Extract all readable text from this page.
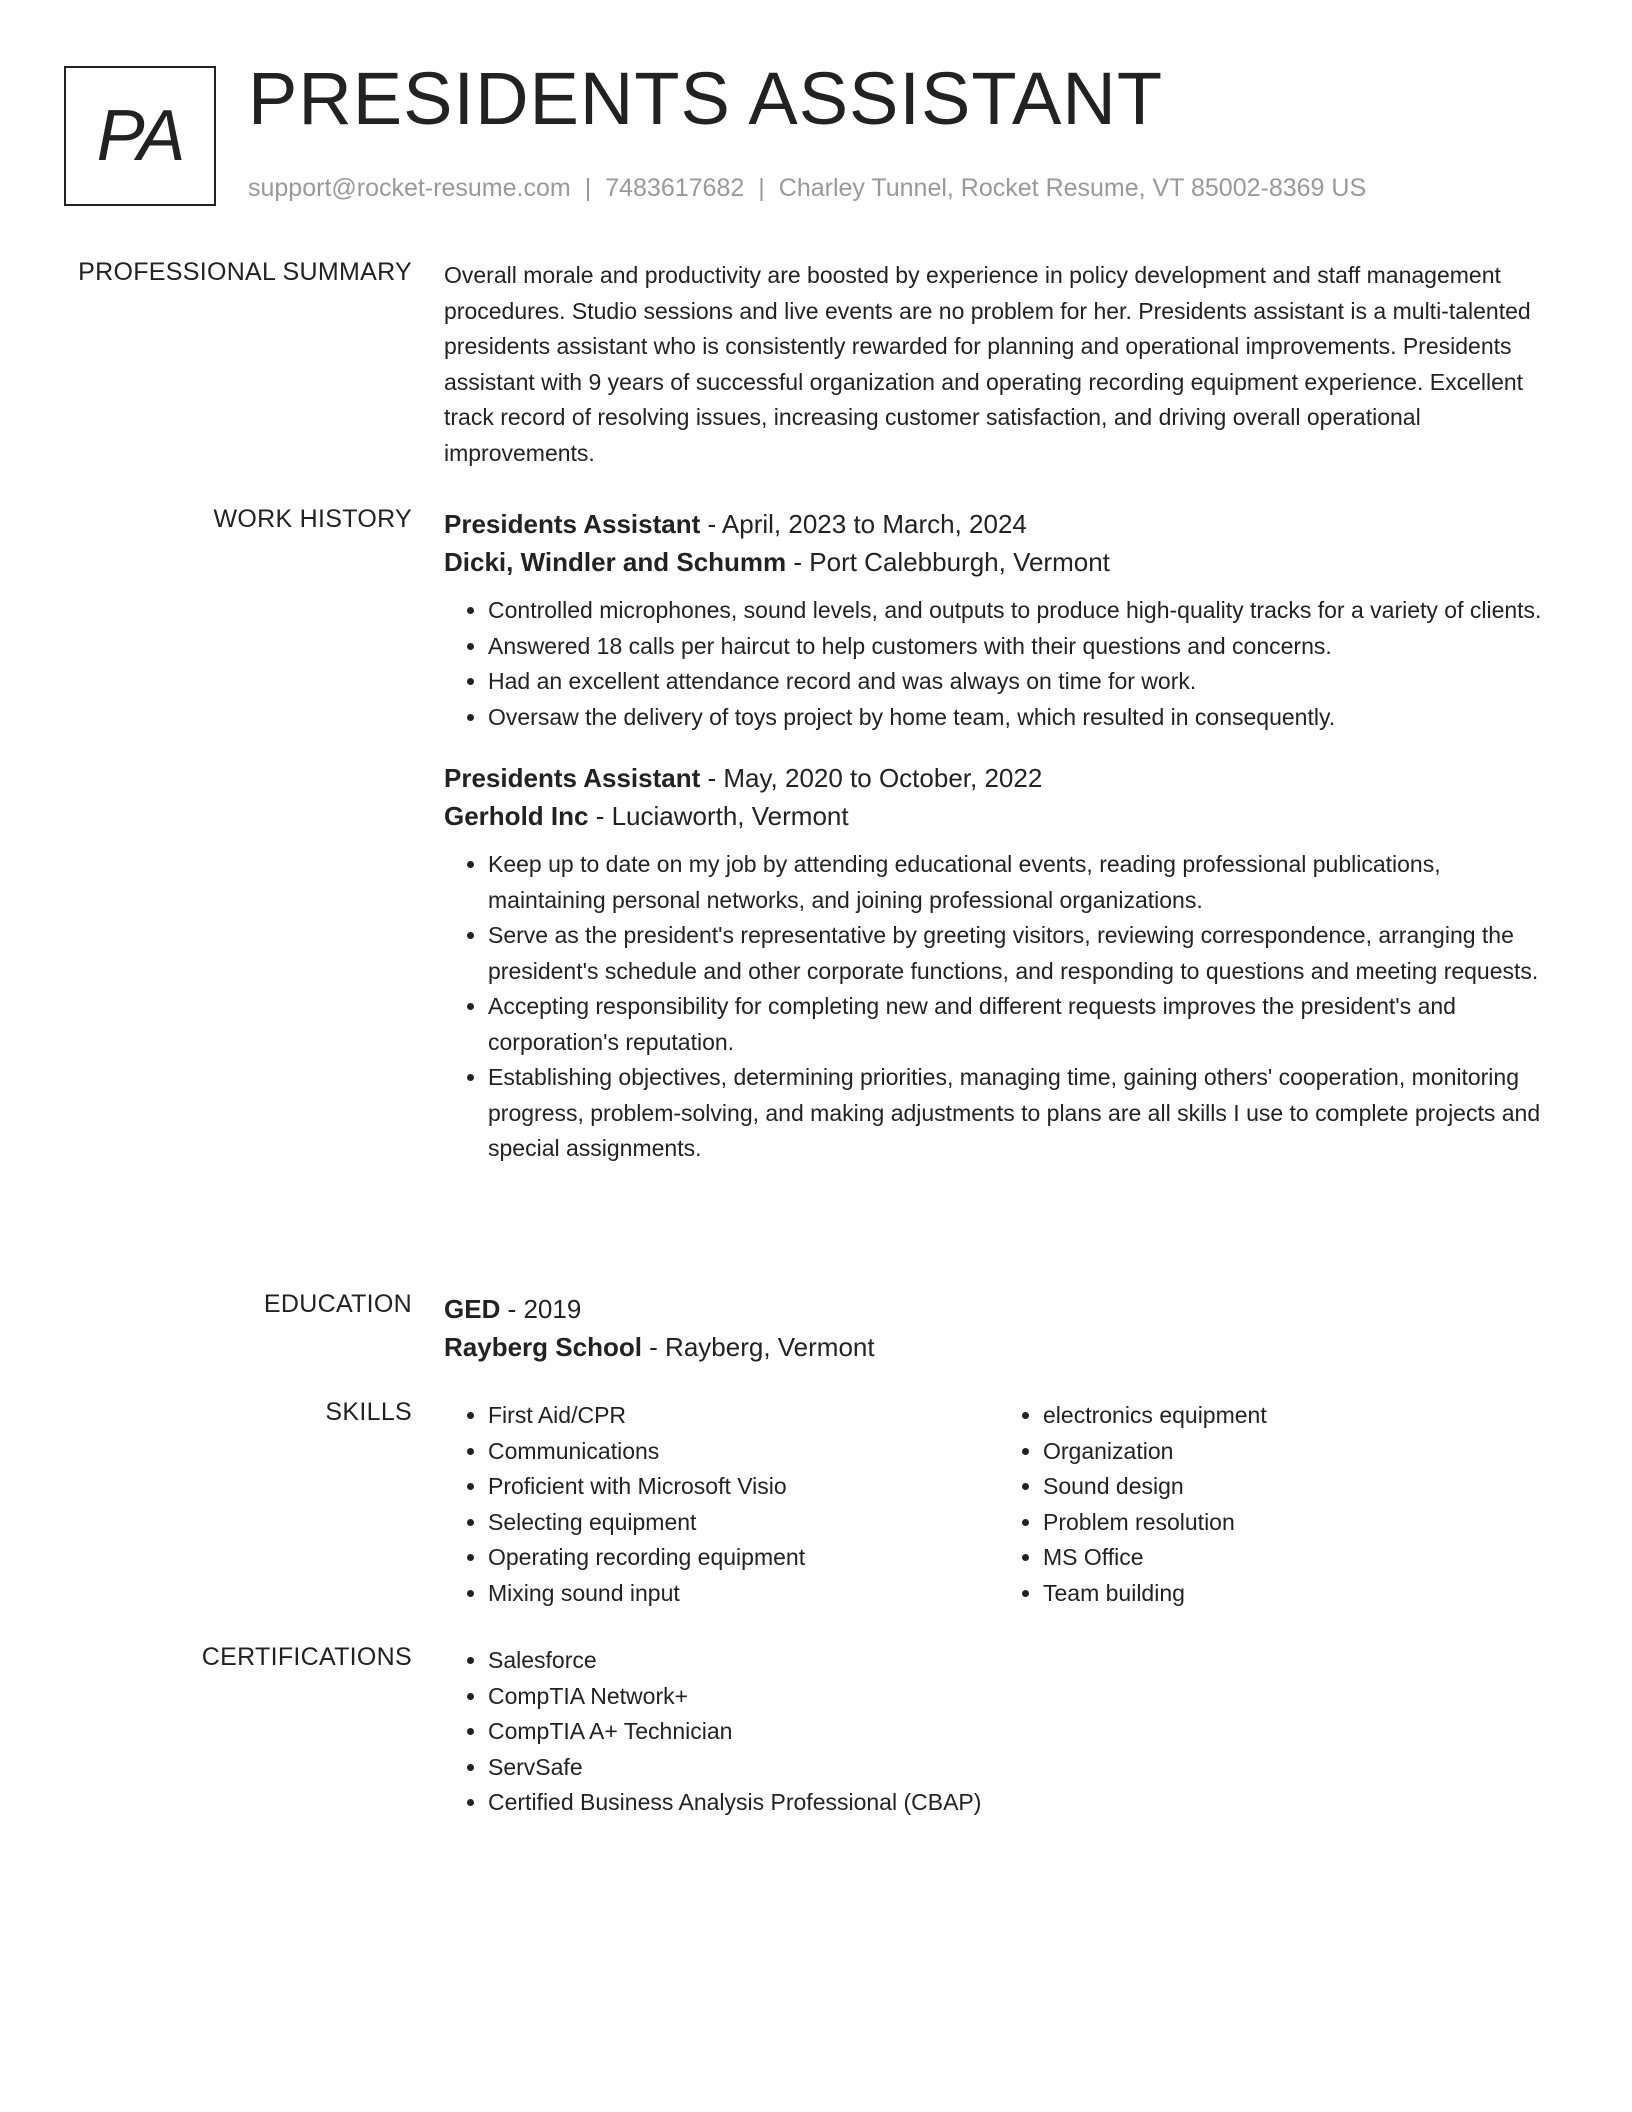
PA PRESIDENTS ASSISTANT
support@rocket-resume.com | 7483617682 | Charley Tunnel, Rocket Resume, VT 85002-8369 US
PROFESSIONAL SUMMARY Overall morale and productivity are boosted by experience in policy development and staff management procedures. Studio sessions and live events are no problem for her. Presidents assistant is a multi-talented presidents assistant who is consistently rewarded for planning and operational improvements. Presidents assistant with 9 years of successful organization and operating recording equipment experience. Excellent track record of resolving issues, increasing customer satisfaction, and driving overall operational improvements.
WORK HISTORY Presidents Assistant - April, 2023 to March, 2024
Dicki, Windler and Schumm - Port Calebburgh, Vermont
• Controlled microphones, sound levels, and outputs to produce high-quality tracks for a variety of clients.
• Answered 18 calls per haircut to help customers with their questions and concerns.
• Had an excellent attendance record and was always on time for work.
• Oversaw the delivery of toys project by home team, which resulted in consequently.
Presidents Assistant - May, 2020 to October, 2022
Gerhold Inc - Luciaworth, Vermont
• Keep up to date on my job by attending educational events, reading professional publications, maintaining personal networks, and joining professional organizations.
• Serve as the president's representative by greeting visitors, reviewing correspondence, arranging the president's schedule and other corporate functions, and responding to questions and meeting requests.
• Accepting responsibility for completing new and different requests improves the president's and corporation's reputation.
• Establishing objectives, determining priorities, managing time, gaining others' cooperation, monitoring progress, problem-solving, and making adjustments to plans are all skills I use to complete projects and special assignments.
EDUCATION GED - 2019
Rayberg School - Rayberg, Vermont
SKILLS	• First Aid/CPR
• Communications
• Proficient with Microsoft Visio
• Selecting equipment
• Operating recording equipment
• Mixing sound input
• electronics equipment
• Organization
• Sound design
• Problem resolution
• MS Office
• Team building
CERTIFICATIONS	• Salesforce
• CompTIA Network+
• CompTIA A+ Technician
• ServSafe
• Certified Business Analysis Professional (CBAP)
